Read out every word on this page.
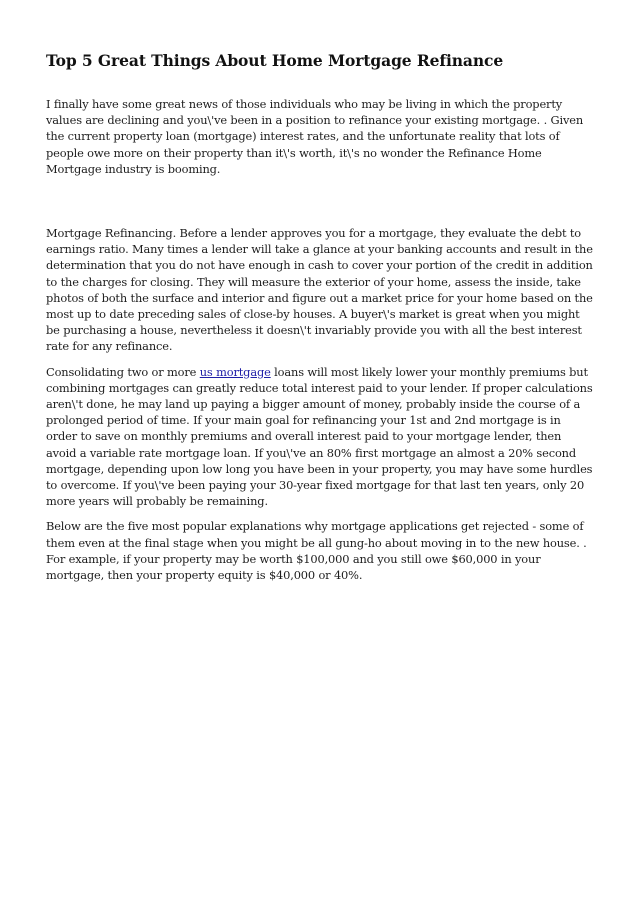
Top 5 Great Things About Home Mortgage Refinance

I finally have some great news of those individuals who may be living in which the property values are declining and you\'ve been in a position to refinance your existing mortgage. . Given the current property loan (mortgage) interest rates, and the unfortunate reality that lots of people owe more on their property than it\'s worth, it\'s no wonder the Refinance Home Mortgage industry is booming.

Mortgage Refinancing. Before a lender approves you for a mortgage, they evaluate the debt to earnings ratio. Many times a lender will take a glance at your banking accounts and result in the determination that you do not have enough in cash to cover your portion of the credit in addition to the charges for closing. They will measure the exterior of your home, assess the inside, take photos of both the surface and interior and figure out a market price for your home based on the most up to date preceding sales of close-by houses. A buyer\'s market is great when you might be purchasing a house, nevertheless it doesn\'t invariably provide you with all the best interest rate for any refinance.

Consolidating two or more us mortgage loans will most likely lower your monthly premiums but combining mortgages can greatly reduce total interest paid to your lender. If proper calculations aren\'t done, he may land up paying a bigger amount of money, probably inside the course of a prolonged period of time. If your main goal for refinancing your 1st and 2nd mortgage is in order to save on monthly premiums and overall interest paid to your mortgage lender, then avoid a variable rate mortgage loan. If you\'ve an 80% first mortgage an almost a 20% second mortgage, depending upon low long you have been in your property, you may have some hurdles to overcome. If you\'ve been paying your 30-year fixed mortgage for that last ten years, only 20 more years will probably be remaining.

Below are the five most popular explanations why mortgage applications get rejected - some of them even at the final stage when you might be all gung-ho about moving in to the new house. . For example, if your property may be worth $100,000 and you still owe $60,000 in your mortgage, then your property equity is $40,000 or 40%.
